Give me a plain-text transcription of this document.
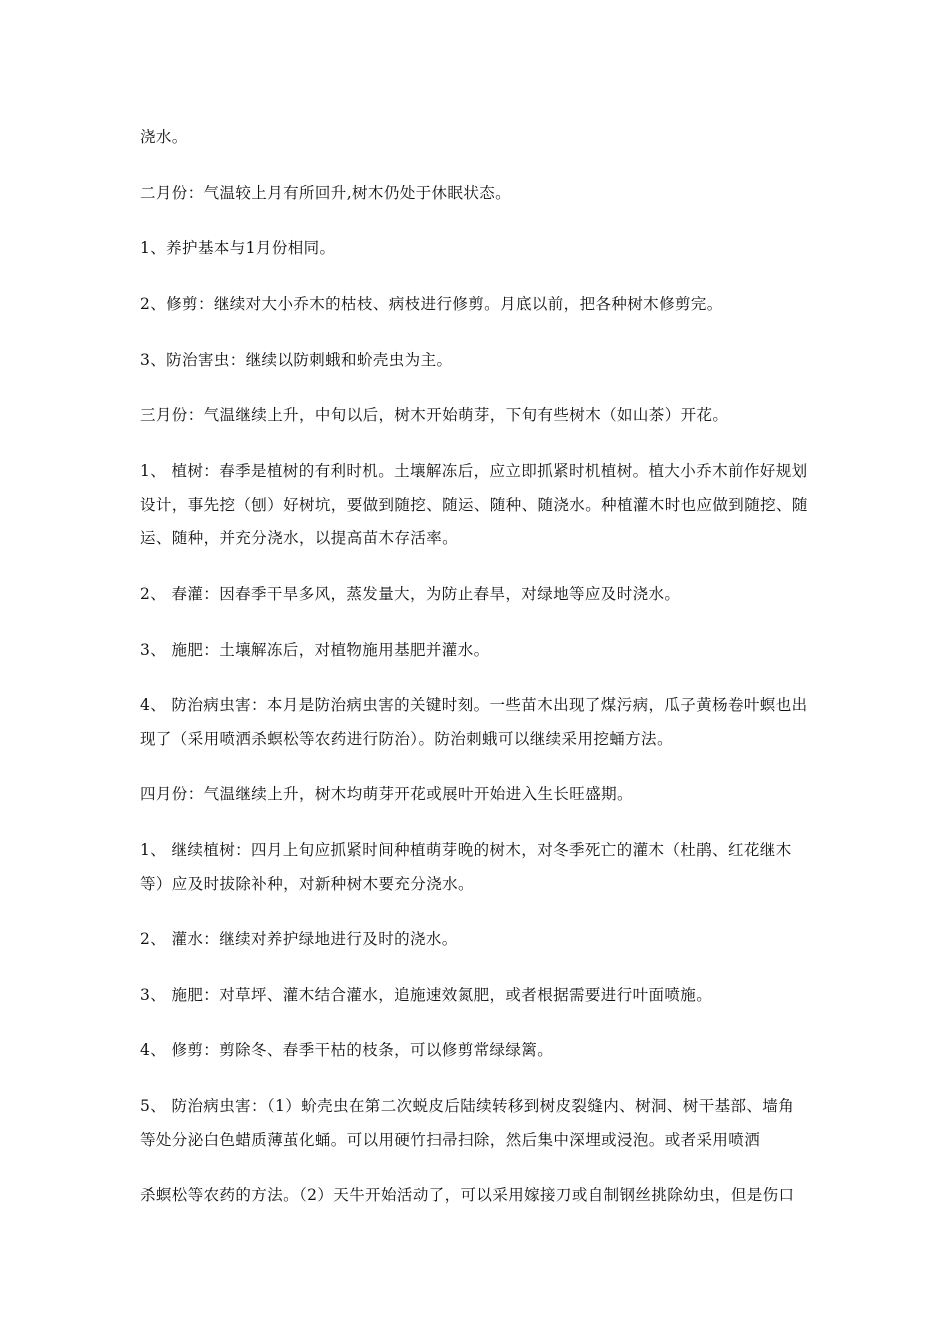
浇水。
二月份：气温较上月有所回升,树木仍处于休眠状态。
1、养护基本与1月份相同。
2、修剪：继续对大小乔木的枯枝、病枝进行修剪。月底以前，把各种树木修剪完。
3、防治害虫：继续以防刺蛾和蚧壳虫为主。
三月份：气温继续上升，中旬以后，树木开始萌芽，下旬有些树木（如山茶）开花。
1、 植树：春季是植树的有利时机。土壤解冻后，应立即抓紧时机植树。植大小乔木前作好规划
设计，事先挖（刨）好树坑，要做到随挖、随运、随种、随浇水。种植灌木时也应做到随挖、随
运、随种，并充分浇水，以提高苗木存活率。
2、 春灌：因春季干旱多风，蒸发量大，为防止春旱，对绿地等应及时浇水。
3、 施肥：土壤解冻后，对植物施用基肥并灌水。
4、 防治病虫害：本月是防治病虫害的关键时刻。一些苗木出现了煤污病，瓜子黄杨卷叶螟也出
现了（采用喷洒杀螟松等农药进行防治）。防治刺蛾可以继续采用挖蛹方法。
四月份：气温继续上升，树木均萌芽开花或展叶开始进入生长旺盛期。
1、 继续植树：四月上旬应抓紧时间种植萌芽晚的树木，对冬季死亡的灌木（杜鹃、红花继木
等）应及时拔除补种，对新种树木要充分浇水。
2、 灌水：继续对养护绿地进行及时的浇水。
3、 施肥：对草坪、灌木结合灌水，追施速效氮肥，或者根据需要进行叶面喷施。
4、 修剪：剪除冬、春季干枯的枝条，可以修剪常绿绿篱。
5、 防治病虫害：（1）蚧壳虫在第二次蜕皮后陆续转移到树皮裂缝内、树洞、树干基部、墙角
等处分泌白色蜡质薄茧化蛹。可以用硬竹扫帚扫除，然后集中深埋或浸泡。或者采用喷洒
杀螟松等农药的方法。（2）天牛开始活动了，可以采用嫁接刀或自制钢丝挑除幼虫，但是伤口
